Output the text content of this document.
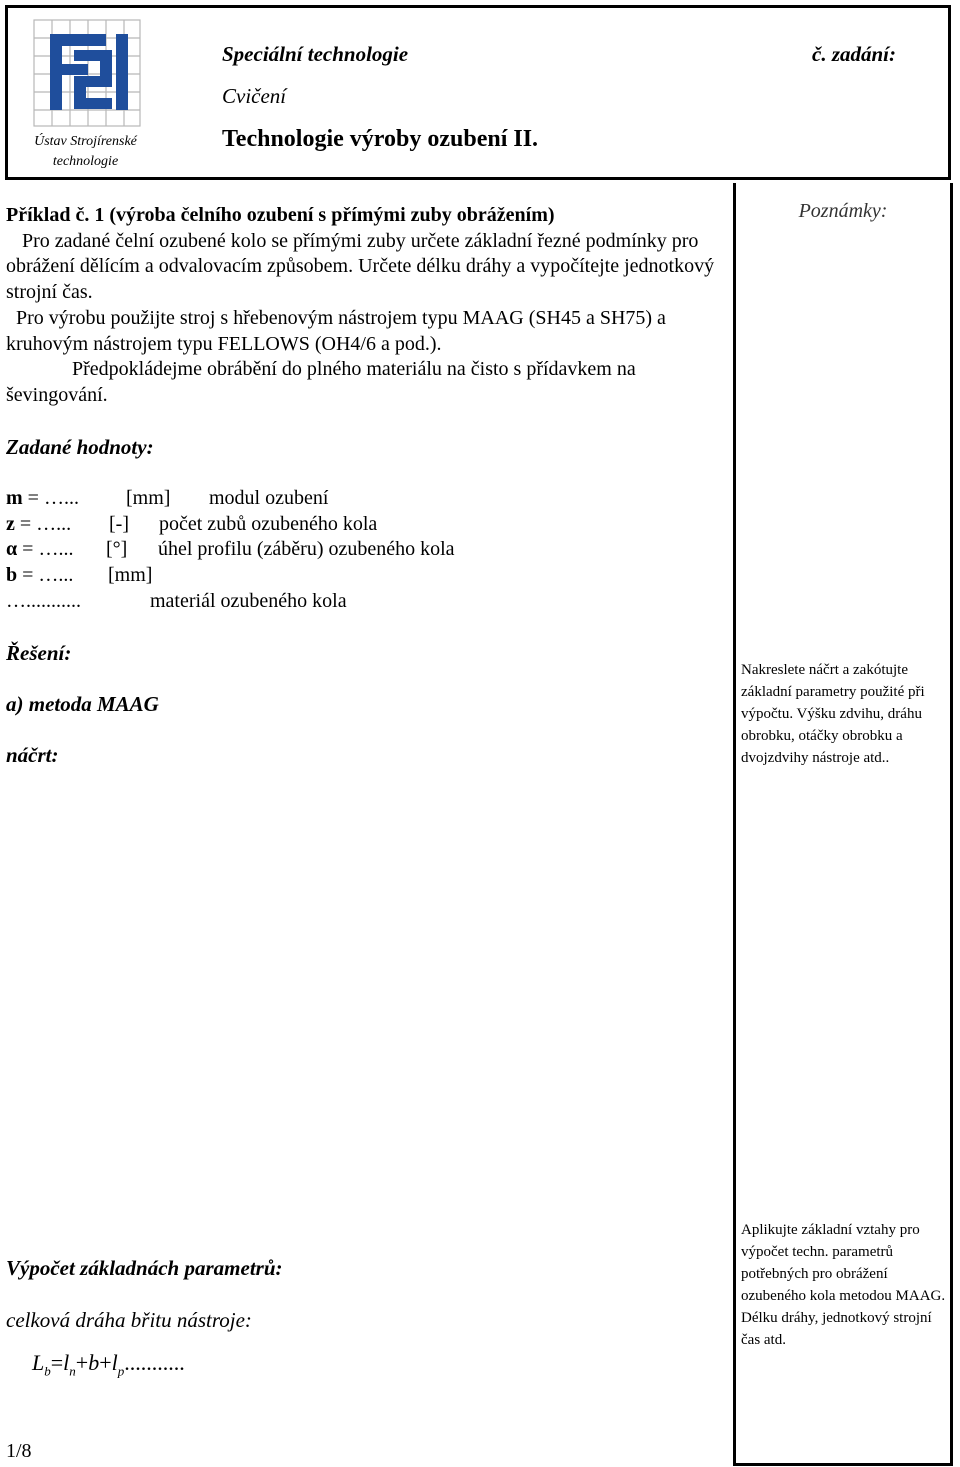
Ústav Strojírenské technologie
Speciální technologie
Cvičení
Technologie výroby ozubení II.
č. zadání:
Poznámky:
Nakreslete náčrt a zakótujte základní parametry použité při výpočtu. Výšku zdvihu, dráhu obrobku, otáčky obrobku a dvojzdvihy nástroje atd..
Aplikujte základní vztahy pro výpočet techn. parametrů potřebných pro obrážení ozubeného kola metodou MAAG. Délku dráhy, jednotkový strojní čas atd.
Příklad č. 1 (výroba čelního ozubení s přímými zuby obrážením)
Pro zadané čelní ozubené kolo se přímými zuby určete základní řezné podmínky pro obrážení dělícím a odvalovacím způsobem. Určete délku dráhy a vypočítejte jednotkový strojní čas.
Pro výrobu použijte stroj s hřebenovým nástrojem typu MAAG (SH45 a SH75) a kruhovým nástrojem typu FELLOWS (OH4/6 a pod.).
Předpokládejme obrábění do plného materiálu na čisto s přídavkem na ševingování.
Zadané hodnoty:
m = …... [mm] modul ozubení
z = …... [-] počet zubů ozubeného kola
α = …... [°] úhel profilu (záběru) ozubeného kola
b = …... [mm]
…...........	materiál ozubeného kola
Řešení:
a) metoda MAAG
náčrt:
Výpočet základnách parametrů:
celková dráha břitu nástroje:
$L_b=l_n+b+l_p$...........
1/8
